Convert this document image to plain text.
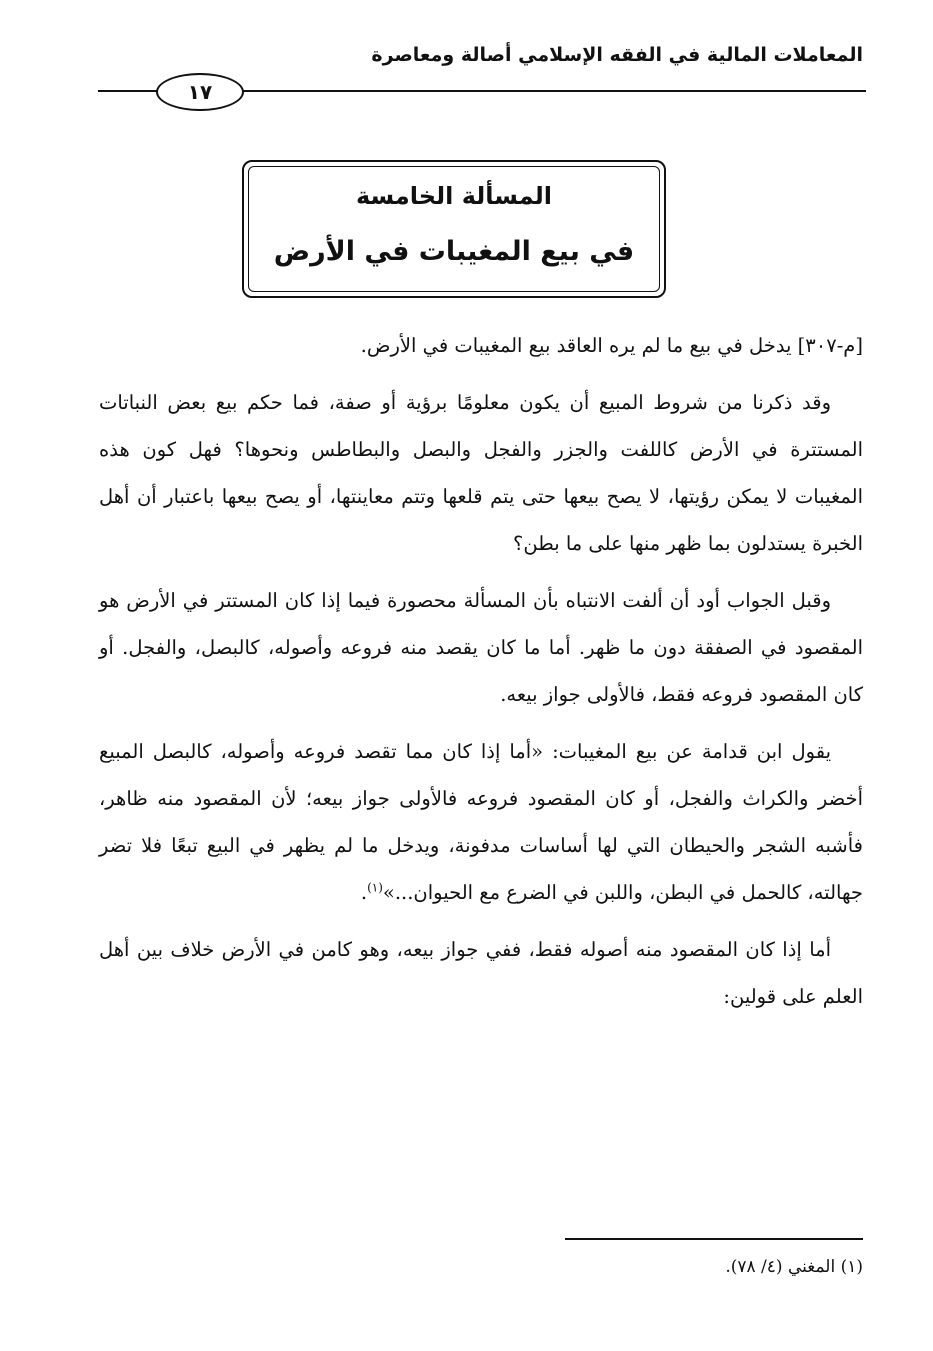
المعاملات المالية في الفقه الإسلامي أصالة ومعاصرة
١٧
المسألة الخامسة
في بيع المغيبات في الأرض

[م-٣٠٧] يدخل في بيع ما لم يره العاقد بيع المغيبات في الأرض.

وقد ذكرنا من شروط المبيع أن يكون معلومًا برؤية أو صفة، فما حكم بيع بعض النباتات المستترة في الأرض كاللفت والجزر والفجل والبصل والبطاطس ونحوها؟ فهل كون هذه المغيبات لا يمكن رؤيتها، لا يصح بيعها حتى يتم قلعها وتتم معاينتها، أو يصح بيعها باعتبار أن أهل الخبرة يستدلون بما ظهر منها على ما بطن؟

وقبل الجواب أود أن ألفت الانتباه بأن المسألة محصورة فيما إذا كان المستتر في الأرض هو المقصود في الصفقة دون ما ظهر. أما ما كان يقصد منه فروعه وأصوله، كالبصل، والفجل. أو كان المقصود فروعه فقط، فالأولى جواز بيعه.

يقول ابن قدامة عن بيع المغيبات: «أما إذا كان مما تقصد فروعه وأصوله، كالبصل المبيع أخضر والكراث والفجل، أو كان المقصود فروعه فالأولى جواز بيعه؛ لأن المقصود منه ظاهر، فأشبه الشجر والحيطان التي لها أساسات مدفونة، ويدخل ما لم يظهر في البيع تبعًا فلا تضر جهالته، كالحمل في البطن، واللبن في الضرع مع الحيوان...»$^{(١)}$.

أما إذا كان المقصود منه أصوله فقط، ففي جواز بيعه، وهو كامن في الأرض خلاف بين أهل العلم على قولين:

(١) المغني (٤/ ٧٨).
